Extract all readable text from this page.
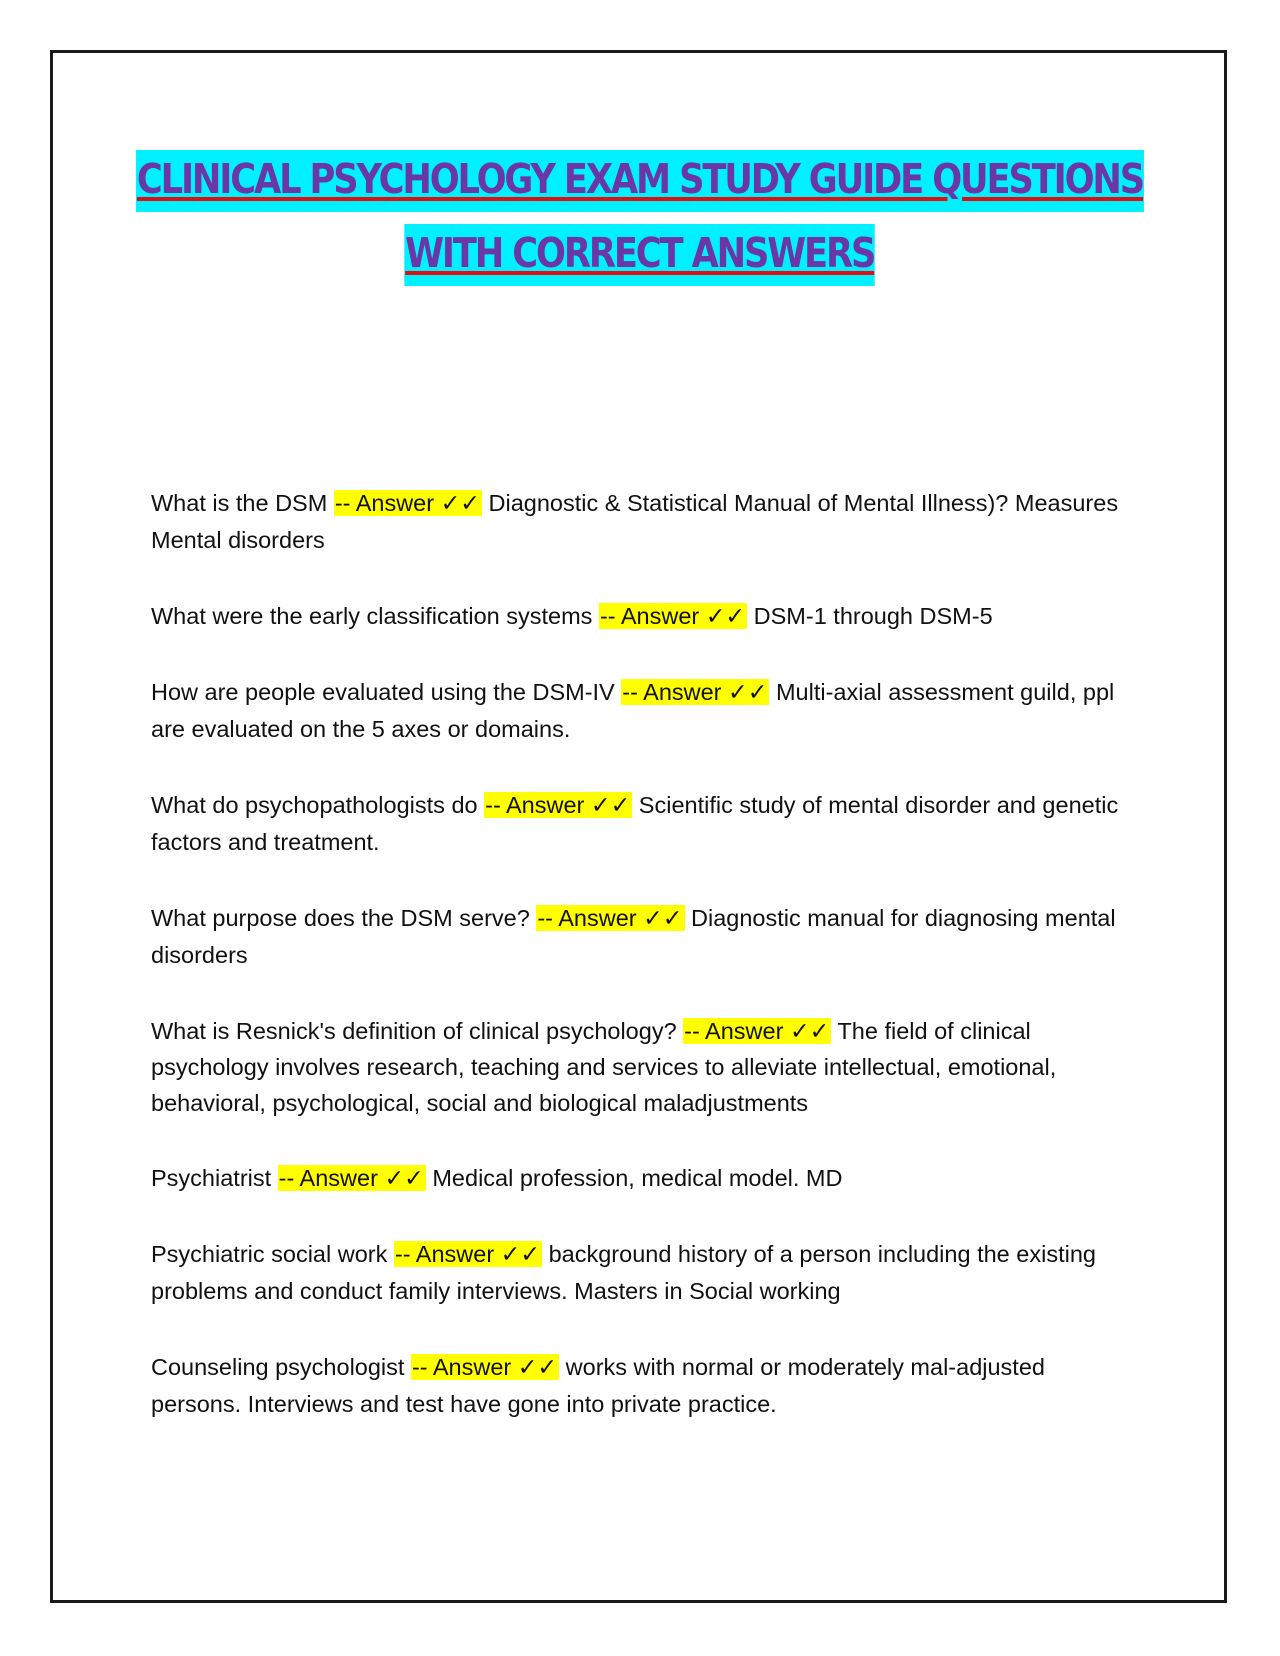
CLINICAL PSYCHOLOGY EXAM STUDY GUIDE QUESTIONS
WITH CORRECT ANSWERS

What is the DSM -- Answer ✓✓ Diagnostic & Statistical Manual of Mental Illness)? Measures Mental disorders

What were the early classification systems -- Answer ✓✓ DSM-1 through DSM-5

How are people evaluated using the DSM-IV -- Answer ✓✓ Multi-axial assessment guild, ppl are evaluated on the 5 axes or domains.

What do psychopathologists do -- Answer ✓✓ Scientific study of mental disorder and genetic factors and treatment.

What purpose does the DSM serve? -- Answer ✓✓ Diagnostic manual for diagnosing mental disorders

What is Resnick's definition of clinical psychology? -- Answer ✓✓ The field of clinical psychology involves research, teaching and services to alleviate intellectual, emotional, behavioral, psychological, social and biological maladjustments

Psychiatrist -- Answer ✓✓ Medical profession, medical model. MD

Psychiatric social work -- Answer ✓✓ background history of a person including the existing problems and conduct family interviews. Masters in Social working

Counseling psychologist -- Answer ✓✓ works with normal or moderately mal-adjusted persons. Interviews and test have gone into private practice.
